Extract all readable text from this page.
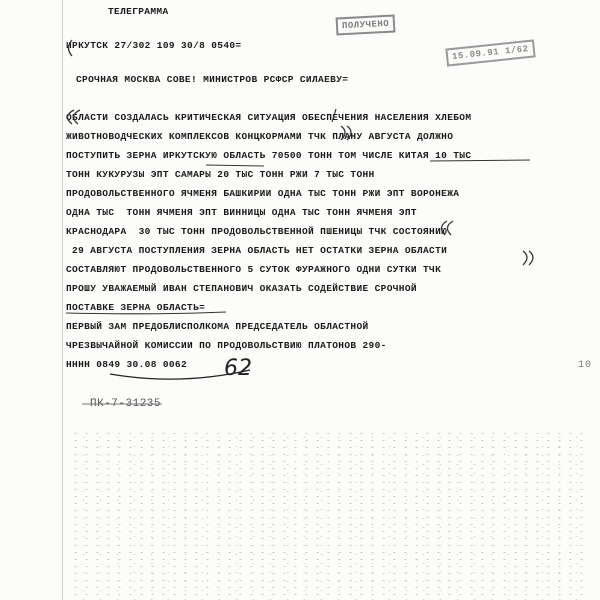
ТЕЛЕГРАММА
ПОЛУЧЕНО
15.09.91 1/62
ИРКУТСК 27/302 109 30/8 0540=
СРОЧНАЯ МОСКВА СОВЕ! МИНИСТРОВ РСФСР СИЛАЕВУ=
ОБЛАСТИ СОЗДАЛАСЬ КРИТИЧЕСКАЯ СИТУАЦИЯ ОБЕСПЕЧЕНИЯ НАСЕЛЕНИЯ ХЛЕБОМ
ЖИВОТНОВОДЧЕСКИХ КОМПЛЕКСОВ КОНЦКОРМАМИ ТЧК ПЛАНУ АВГУСТА ДОЛЖНО
ПОСТУПИТЬ ЗЕРНА ИРКУТСКУЮ ОБЛАСТЬ 70500 ТОНН ТОМ ЧИСЛЕ КИТАЯ 10 ТЫС
ТОНН КУКУРУЗЫ ЭПТ САМАРЫ 20 ТЫС ТОНН РЖИ 7 ТЫС ТОНН
ПРОДОВОЛЬСТВЕННОГО ЯЧМЕНЯ БАШКИРИИ ОДНА ТЫС ТОНН РЖИ ЭПТ ВОРОНЕЖА
ОДНА ТЫС  ТОНН ЯЧМЕНЯ ЭПТ ВИННИЦЫ ОДНА ТЫС ТОНН ЯЧМЕНЯ ЭПТ
КРАСНОДАРА  30 ТЫС ТОНН ПРОДОВОЛЬСТВЕННОЙ ПШЕНИЦЫ ТЧК СОСТОЯНИЮ
29 АВГУСТА ПОСТУПЛЕНИЯ ЗЕРНА ОБЛАСТЬ НЕТ ОСТАТКИ ЗЕРНА ОБЛАСТИ
СОСТАВЛЯЮТ ПРОДОВОЛЬСТВЕННОГО 5 СУТОК ФУРАЖНОГО ОДНИ СУТКИ ТЧК
ПРОШУ УВАЖАЕМЫЙ ИВАН СТЕПАНОВИЧ ОКАЗАТЬ СОДЕЙСТВИЕ СРОЧНОЙ
ПОСТАВКЕ ЗЕРНА ОБЛАСТЬ=
ПЕРВЫЙ ЗАМ ПРЕДОБЛИСПОЛКОМА ПРЕДСЕДАТЕЛЬ ОБЛАСТНОЙ
ЧРЕЗВЫЧАЙНОЙ КОМИССИИ ПО ПРОДОВОЛЬСТВИЮ ПЛАТОНОВ 290-
НННН 0849 30.08 0062	10
ПК-7-31235
62
